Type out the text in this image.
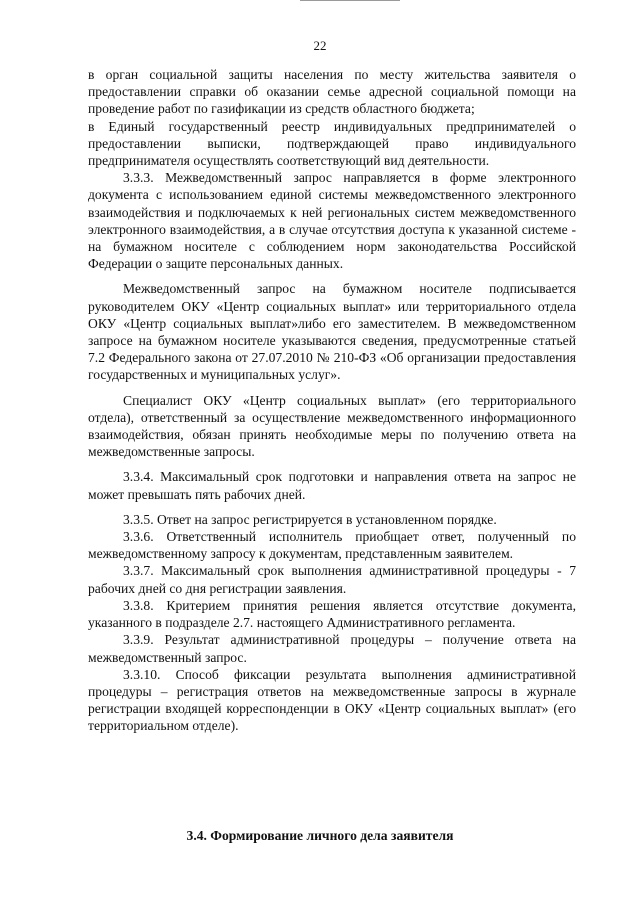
22

в орган социальной защиты населения по месту жительства заявителя о предоставлении справки об оказании семье адресной социальной помощи на проведение работ по газификации из средств областного бюджета;

в Единый государственный реестр индивидуальных предпринимателей о предоставлении выписки, подтверждающей право индивидуального предпринимателя осуществлять соответствующий вид деятельности.

3.3.3. Межведомственный запрос направляется в форме электронного документа с использованием единой системы межведомственного электронного взаимодействия и подключаемых к ней региональных систем межведомственного электронного взаимодействия, а в случае отсутствия доступа к указанной системе - на бумажном носителе с соблюдением норм законодательства Российской Федерации о защите персональных данных.

Межведомственный запрос на бумажном носителе подписывается руководителем ОКУ «Центр социальных выплат» или территориального отдела ОКУ «Центр социальных выплат»либо его заместителем. В межведомственном запросе на бумажном носителе указываются сведения, предусмотренные статьей 7.2 Федерального закона от 27.07.2010 № 210-ФЗ «Об организации предоставления государственных и муниципальных услуг».

Специалист ОКУ «Центр социальных выплат» (его территориального отдела), ответственный за осуществление межведомственного информационного взаимодействия, обязан принять необходимые меры по получению ответа на межведомственные запросы.

3.3.4. Максимальный срок подготовки и направления ответа на запрос не может превышать пять рабочих дней.

3.3.5. Ответ на запрос регистрируется в установленном порядке.

3.3.6. Ответственный исполнитель приобщает ответ, полученный по межведомственному запросу к документам, представленным заявителем.

3.3.7. Максимальный срок выполнения административной процедуры - 7 рабочих дней со дня регистрации заявления.

3.3.8. Критерием принятия решения является отсутствие документа, указанного в подразделе 2.7. настоящего Административного регламента.

3.3.9. Результат административной процедуры – получение ответа на межведомственный запрос.

3.3.10. Способ фиксации результата выполнения административной процедуры – регистрация ответов на межведомственные запросы в журнале регистрации входящей корреспонденции в ОКУ «Центр социальных выплат» (его территориальном отделе).

3.4. Формирование личного дела заявителя
